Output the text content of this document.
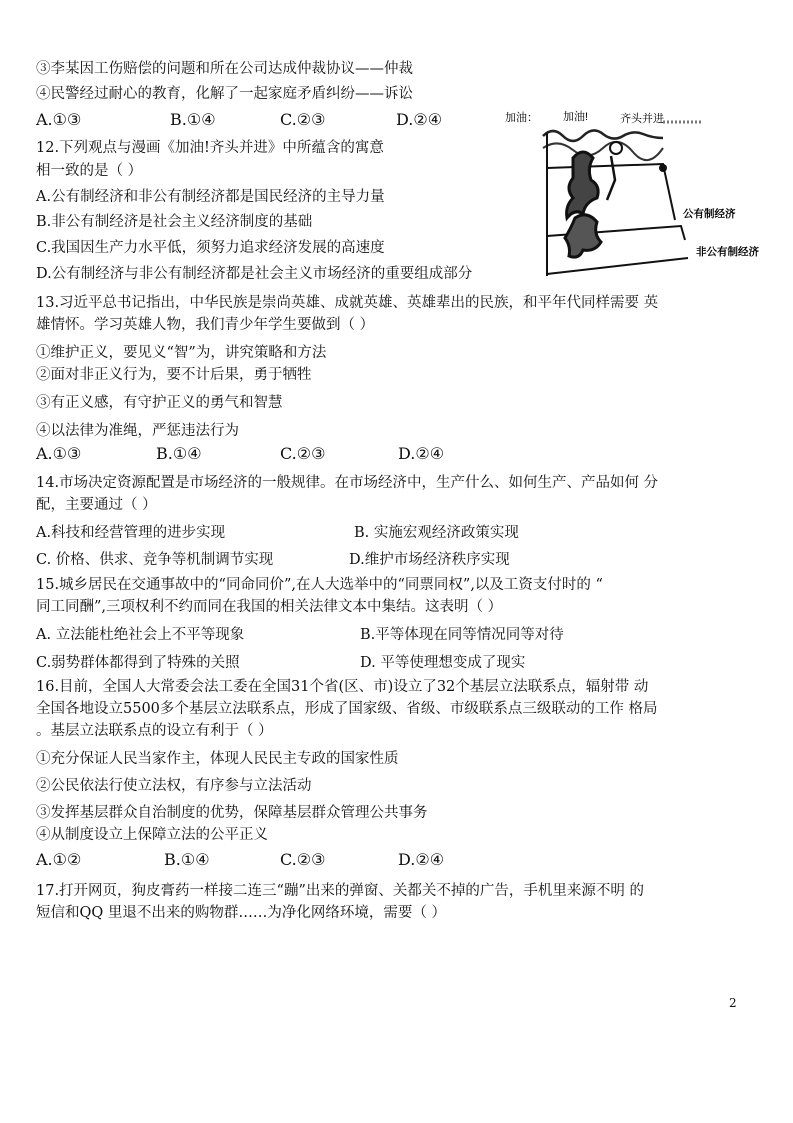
③李某因工伤赔偿的问题和所在公司达成仲裁协议——仲裁
④民警经过耐心的教育，化解了一起家庭矛盾纠纷——诉讼
A.①③	B.①④	C.②③	D.②④
12.下列观点与漫画《加油!齐头并进》中所蕴含的寓意
相一致的是（ ）
A.公有制经济和非公有制经济都是国民经济的主导力量
B.非公有制经济是社会主义经济制度的基础
C.我国因生产力水平低，须努力追求经济发展的高速度
D.公有制经济与非公有制经济都是社会主义市场经济的重要组成部分
加油： 加油!	齐头并进
公有制经济
非公有制经济
13.习近平总书记指出，中华民族是崇尚英雄、成就英雄、英雄辈出的民族，和平年代同样需要 英
雄情怀。学习英雄人物，我们青少年学生要做到（ ）
①维护正义，要见义“智”为，讲究策略和方法
②面对非正义行为，要不计后果，勇于牺牲
③有正义感，有守护正义的勇气和智慧
④以法律为准绳，严惩违法行为
A.①③	B.①④	C.②③	D.②④
14.市场决定资源配置是市场经济的一般规律。在市场经济中，生产什么、如何生产、产品如何 分
配，主要通过（ ）
A.科技和经营管理的进步实现	B. 实施宏观经济政策实现
C. 价格、供求、竞争等机制调节实现	D.维护市场经济秩序实现
15.城乡居民在交通事故中的“同命同价”,在人大选举中的“同票同权”,以及工资支付时的 “
同工同酬”,三项权利不约而同在我国的相关法律文本中集结。这表明（ ）
A. 立法能杜绝社会上不平等现象	B.平等体现在同等情况同等对待
C.弱势群体都得到了特殊的关照	D. 平等使理想变成了现实
16.目前，全国人大常委会法工委在全国31个省(区、市)设立了32个基层立法联系点，辐射带 动
全国各地设立5500多个基层立法联系点，形成了国家级、省级、市级联系点三级联动的工作 格局
。基层立法联系点的设立有利于（ ）
①充分保证人民当家作主，体现人民民主专政的国家性质
②公民依法行使立法权，有序参与立法活动
③发挥基层群众自治制度的优势，保障基层群众管理公共事务
④从制度设立上保障立法的公平正义
A.①②	B.①④	C.②③	D.②④
17.打开网页，狗皮膏药一样接二连三“蹦”出来的弹窗、关都关不掉的广告，手机里来源不明 的
短信和QQ 里退不出来的购物群……为净化网络环境，需要（ ）
2
